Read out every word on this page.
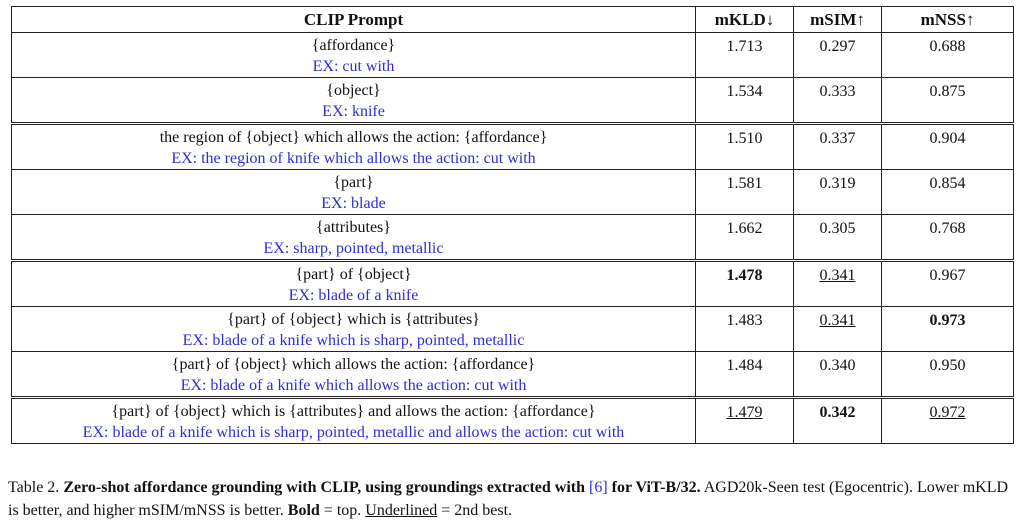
CLIP Prompt	mKLD↓	mSIM↑	mNSS↑

{affordance}
EX: cut with	1.713	0.297	0.688

{object}
EX: knife	1.534	0.333	0.875

the region of {object} which allows the action: {affordance}
EX: the region of knife which allows the action: cut with	1.510	0.337	0.904

{part}
EX: blade	1.581	0.319	0.854

{attributes}
EX: sharp, pointed, metallic	1.662	0.305	0.768

{part} of {object}
EX: blade of a knife	1.478	0.341	0.967

{part} of {object} which is {attributes}
EX: blade of a knife which is sharp, pointed, metallic	1.483	0.341	0.973

{part} of {object} which allows the action: {affordance}
EX: blade of a knife which allows the action: cut with	1.484	0.340	0.950

{part} of {object} which is {attributes} and allows the action: {affordance}
EX: blade of a knife which is sharp, pointed, metallic and allows the action: cut with	1.479	0.342	0.972

Table 2. Zero-shot affordance grounding with CLIP, using groundings extracted with [6] for ViT-B/32. AGD20k-Seen test (Egocentric). Lower mKLD is better, and higher mSIM/mNSS is better. Bold = top. Underlined = 2nd best.
